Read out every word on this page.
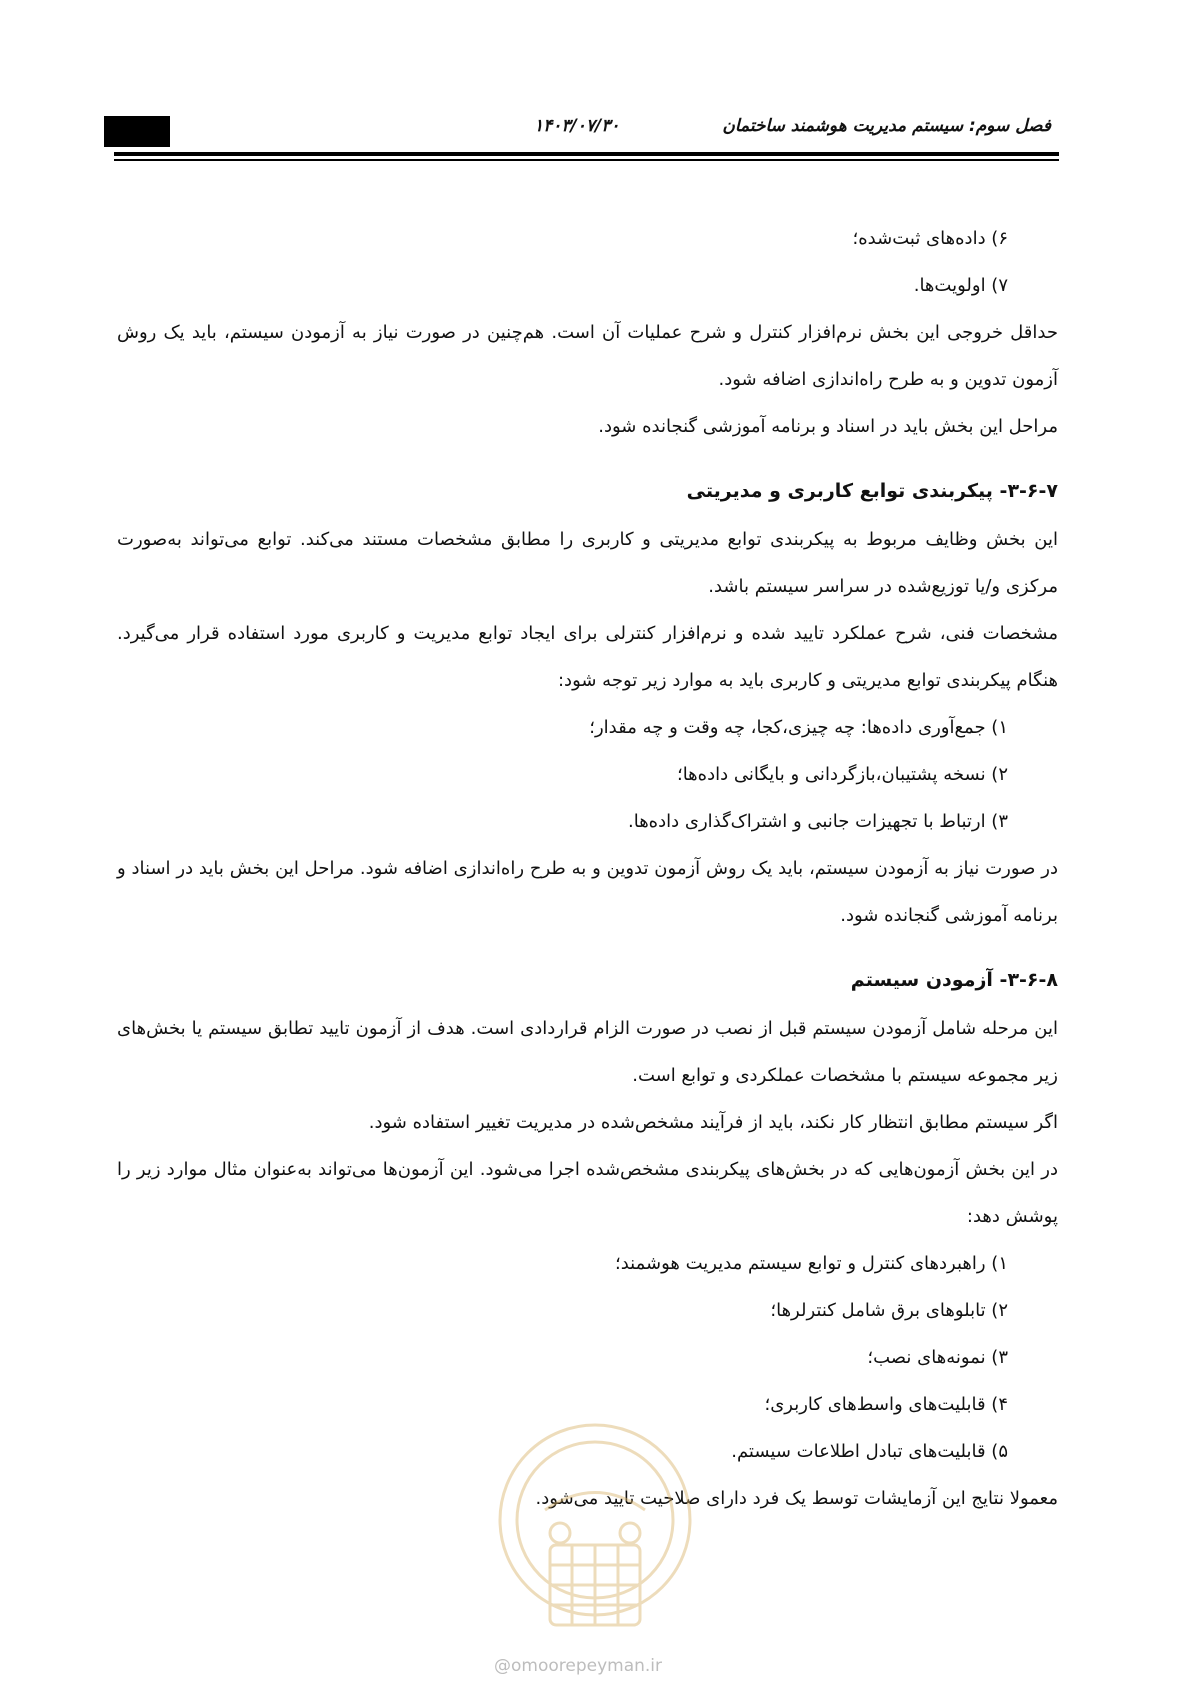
۱۴۰۳/۰۷/۳۰	فصل سوم: سیستم مدیریت هوشمند ساختمان

۶) داده‌های ثبت‌شده؛

۷) اولویت‌ها.

حداقل خروجی این بخش نرم‌افزار کنترل و شرح عملیات آن است. هم‌چنین در صورت نیاز به آزمودن سیستم، باید یک روش آزمون تدوین و به طرح راه‌اندازی اضافه شود.

مراحل این بخش باید در اسناد و برنامه آموزشی گنجانده شود.

۳-۶-۷- پیکربندی توابع کاربری و مدیریتی

این بخش وظایف مربوط به پیکربندی توابع مدیریتی و کاربری را مطابق مشخصات مستند می‌کند. توابع می‌تواند به‌صورت مرکزی و/یا توزیع‌شده در سراسر سیستم باشد.

مشخصات فنی، شرح عملکرد تایید شده و نرم‌افزار کنترلی برای ایجاد توابع مدیریت و کاربری مورد استفاده قرار می‌گیرد. هنگام پیکربندی توابع مدیریتی و کاربری باید به موارد زیر توجه شود:

۱) جمع‌آوری داده‌ها: چه چیزی،کجا، چه وقت و چه مقدار؛

۲) نسخه پشتیبان،بازگردانی و بایگانی داده‌ها؛

۳) ارتباط با تجهیزات جانبی و اشتراک‌گذاری داده‌ها.

در صورت نیاز به آزمودن سیستم، باید یک روش آزمون تدوین و به طرح راه‌اندازی اضافه شود. مراحل این بخش باید در اسناد و برنامه آموزشی گنجانده شود.

۳-۶-۸- آزمودن سیستم

این مرحله شامل آزمودن سیستم قبل از نصب در صورت الزام قراردادی است. هدف از آزمون تایید تطابق سیستم یا بخش‌های زیر مجموعه سیستم با مشخصات عملکردی و توابع است.

اگر سیستم مطابق انتظار کار نکند، باید از فرآیند مشخص‌شده در مدیریت تغییر استفاده شود.

در این بخش آزمون‌هایی که در بخش‌های پیکربندی مشخص‌شده اجرا می‌شود. این آزمون‌ها می‌تواند به‌عنوان مثال موارد زیر را پوشش دهد:

۱) راهبردهای کنترل و توابع سیستم مدیریت هوشمند؛

۲) تابلوهای برق شامل کنترلرها؛

۳) نمونه‌های نصب؛

۴) قابلیت‌های واسط‌های کاربری؛

۵) قابلیت‌های تبادل اطلاعات سیستم.

معمولا نتایج این آزمایشات توسط یک فرد دارای صلاحیت تایید می‌شود.

@omoorepeyman.ir
